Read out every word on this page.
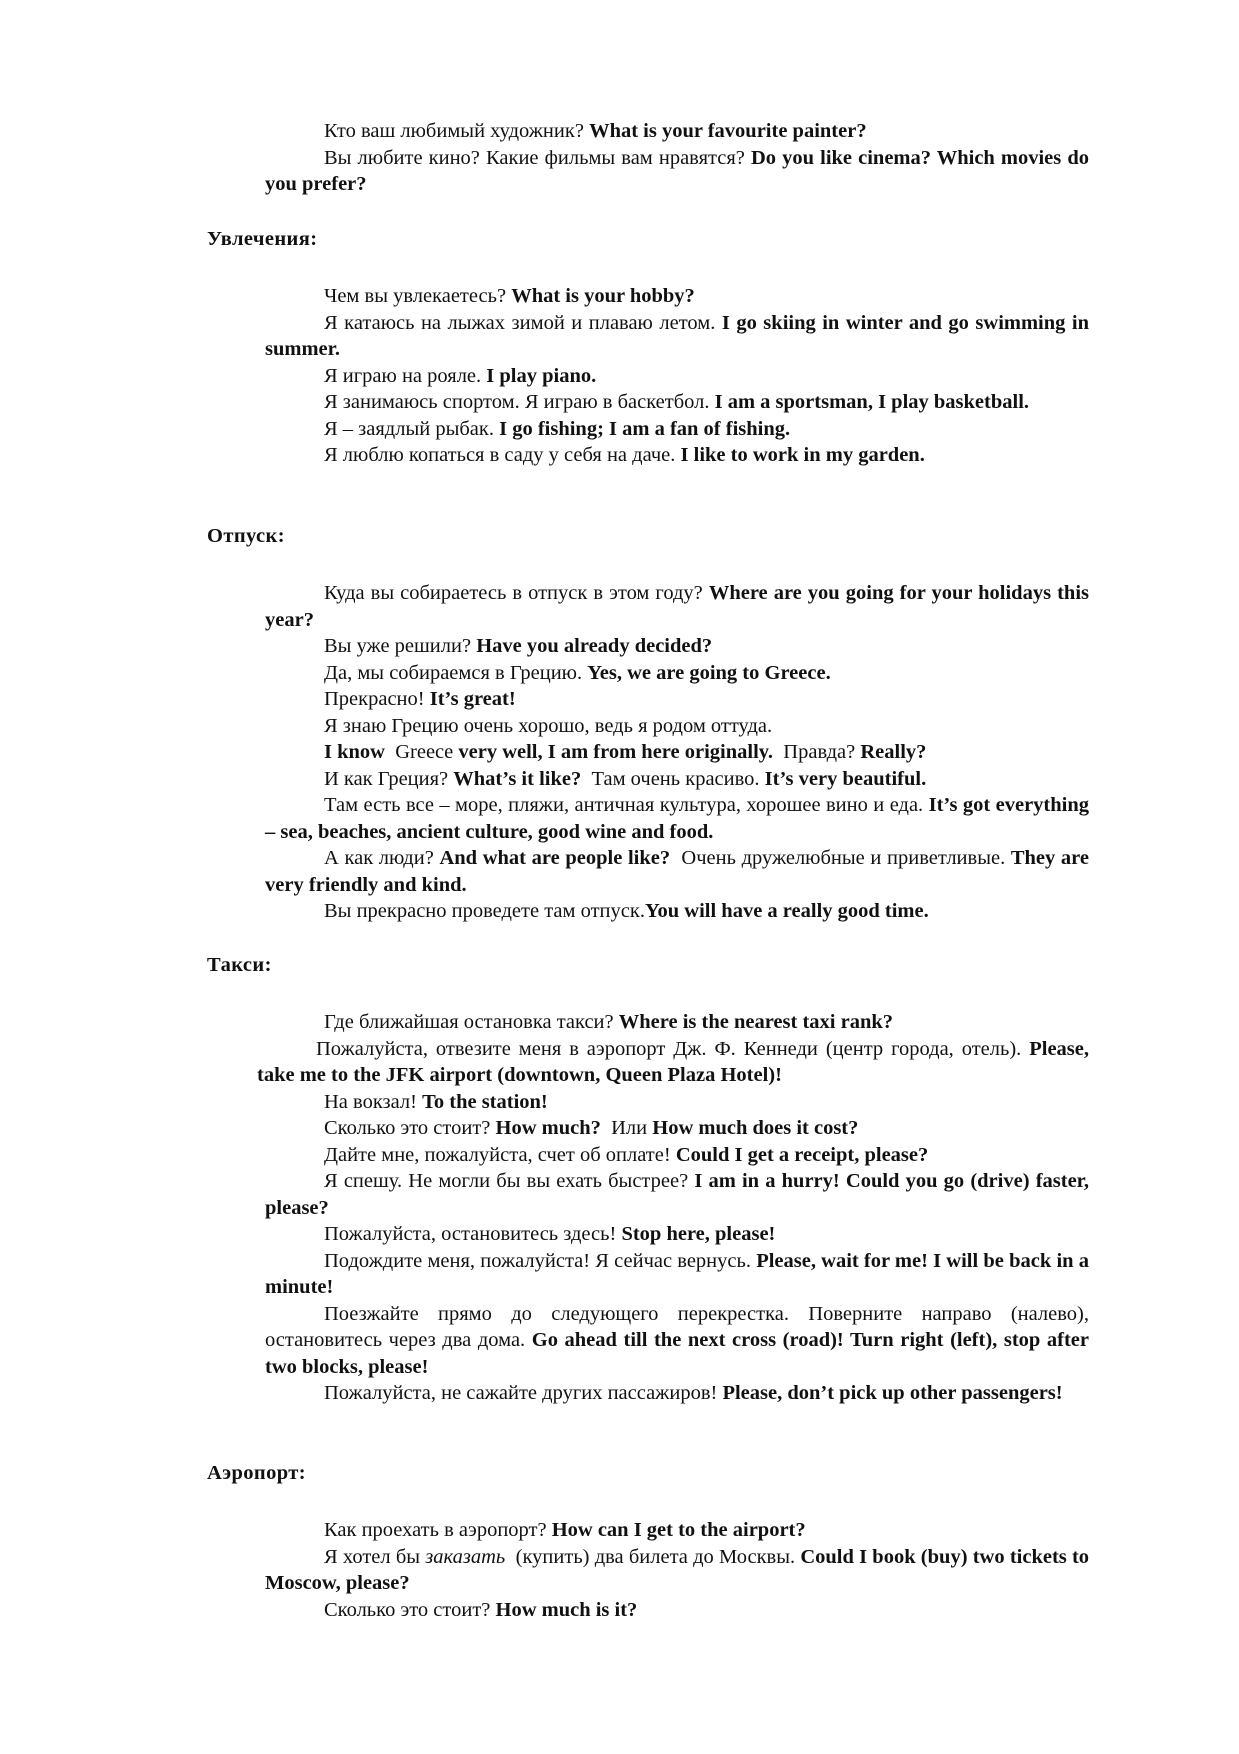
Кто ваш любимый художник? What is your favourite painter?

Вы любите кино? Какие фильмы вам нравятся? Do you like cinema? Which movies do you prefer?

Увлечения:

Чем вы увлекаетесь? What is your hobby?

Я катаюсь на лыжах зимой и плаваю летом. I go skiing in winter and go swimming in summer.

Я играю на рояле. I play piano.

Я занимаюсь спортом. Я играю в баскетбол. I am a sportsman, I play basketball.

Я – заядлый рыбак. I go fishing; I am a fan of fishing.

Я люблю копаться в саду у себя на даче. I like to work in my garden.

Отпуск:

Куда вы собираетесь в отпуск в этом году? Where are you going for your holidays this year?

Вы уже решили? Have you already decided?

Да, мы собираемся в Грецию. Yes, we are going to Greece.

Прекрасно! It’s great!

Я знаю Грецию очень хорошо, ведь я родом оттуда.

I know Greece very well, I am from here originally. Правда? Really?

И как Греция? What’s it like? Там очень красиво. It’s very beautiful.

Там есть все – море, пляжи, античная культура, хорошее вино и еда. It’s got everything – sea, beaches, ancient culture, good wine and food.

А как люди? And what are people like? Очень дружелюбные и приветливые. They are very friendly and kind.

Вы прекрасно проведете там отпуск.You will have a really good time.

Такси:

Где ближайшая остановка такси? Where is the nearest taxi rank?

Пожалуйста, отвезите меня в аэропорт Дж. Ф. Кеннеди (центр города, отель). Please, take me to the JFK airport (downtown, Queen Plaza Hotel)!

На вокзал! To the station!

Сколько это стоит? How much? Или How much does it cost?

Дайте мне, пожалуйста, счет об оплате! Could I get a receipt, please?

Я спешу. Не могли бы вы ехать быстрее? I am in a hurry! Could you go (drive) faster, please?

Пожалуйста, остановитесь здесь! Stop here, please!

Подождите меня, пожалуйста! Я сейчас вернусь. Please, wait for me! I will be back in a minute!

Поезжайте прямо до следующего перекрестка. Поверните направо (налево), остановитесь через два дома. Go ahead till the next cross (road)! Turn right (left), stop after two blocks, please!

Пожалуйста, не сажайте других пассажиров! Please, don’t pick up other passengers!

Аэропорт:

Как проехать в аэропорт? How can I get to the airport?

Я хотел бы заказать (купить) два билета до Москвы. Could I book (buy) two tickets to Moscow, please?

Сколько это стоит? How much is it?
